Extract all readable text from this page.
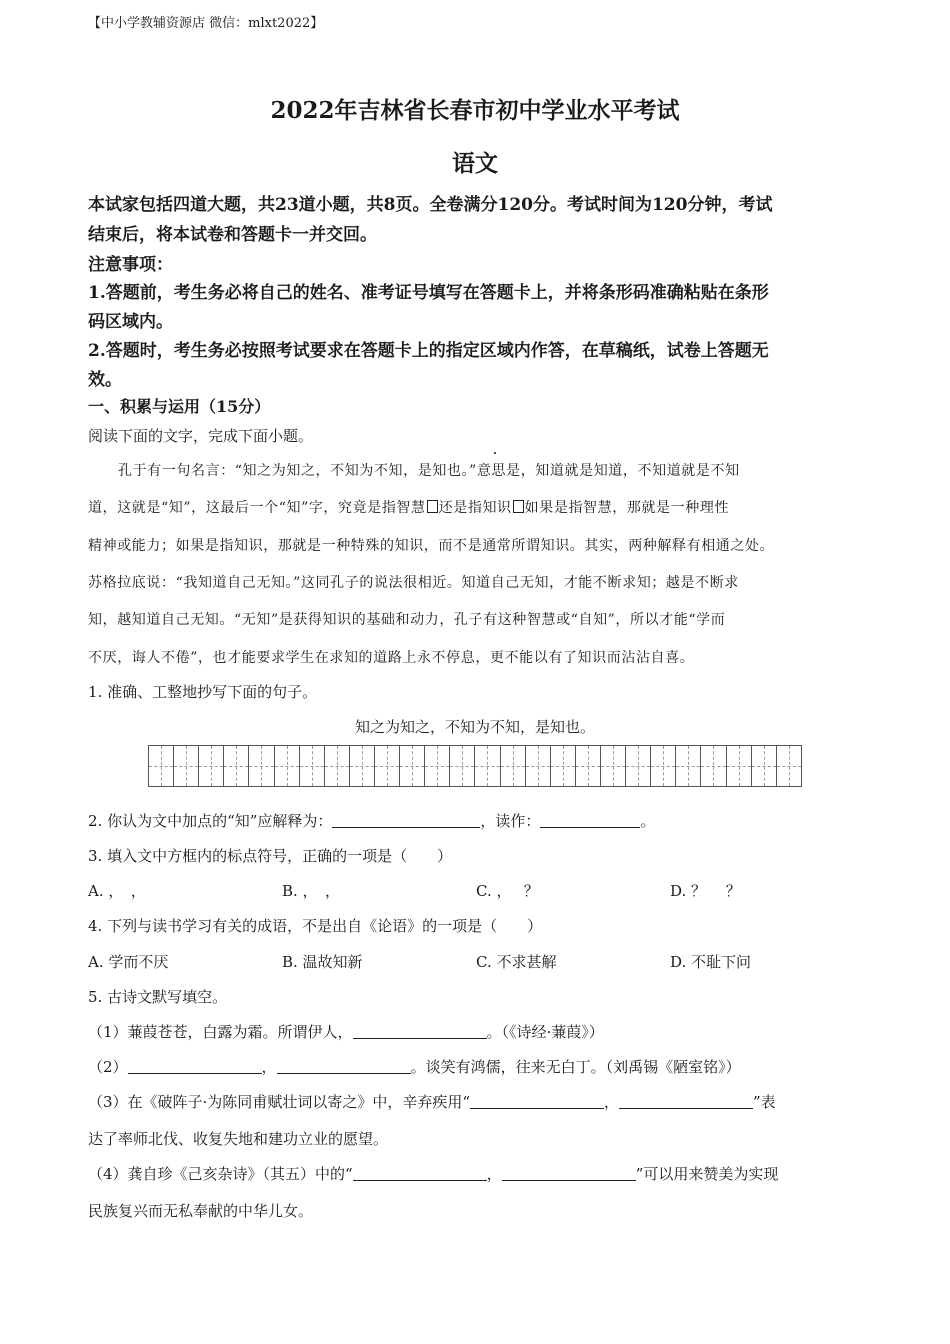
【中小学教辅资源店 微信：mlxt2022】
2022年吉林省长春市初中学业水平考试
语文
本试家包括四道大题，共23道小题，共8页。全卷满分120分。考试时间为120分钟，考试
结束后，将本试卷和答题卡一并交回。
注意事项：
1.答题前，考生务必将自己的姓名、准考证号填写在答题卡上，并将条形码准确粘贴在条形
码区域内。
2.答题时，考生务必按照考试要求在答题卡上的指定区域内作答，在草稿纸，试卷上答题无
效。
一、积累与运用（15分）
阅读下面的文字，完成下面小题。
孔于有一句名言：“知之为知之，不知为不知，是知也。”意思是，知道就是知道，不知道就是不知
道，这就是“知”，这最后一个“知”字，究竟是指智慧 还是指知识 如果是指智慧，那就是一种理性
精神或能力；如果是指知识，那就是一种特殊的知识，而不是通常所谓知识。其实，两种解释有相通之处。
苏格拉底说：“我知道自己无知。”这同孔子的说法很相近。知道自己无知，才能不断求知；越是不断求
知，越知道自己无知。“无知”是获得知识的基础和动力，孔子有这种智慧或“自知”，所以才能“学而
不厌，诲人不倦”，也才能要求学生在求知的道路上永不停息，更不能以有了知识而沾沾自喜。
1. 准确、工整地抄写下面的句子。
知之为知之，不知为不知，是知也。
2. 你认为文中加点的“知”应解释为：	，读作：	。
3. 填入文中方框内的标点符号，正确的一项是（　　）
A. ，　，	B. ，　，	C. ，　 ？	D. ？　 ？
4. 下列与读书学习有关的成语，不是出自《论语》的一项是（　　）
A. 学而不厌	B. 温故知新	C. 不求甚解	D. 不耻下问
5. 古诗文默写填空。
（1）蒹葭苍苍，白露为霜。所谓伊人，	。（《诗经·蒹葭》）
（2）	，	。谈笑有鸿儒，往来无白丁。（刘禹锡《陋室铭》）
（3）在《破阵子·为陈同甫赋壮词以寄之》中，辛弃疾用“	，	”表
达了率师北伐、收复失地和建功立业的愿望。
（4）龚自珍《己亥杂诗》（其五）中的“	，	”可以用来赞美为实现
民族复兴而无私奉献的中华儿女。
